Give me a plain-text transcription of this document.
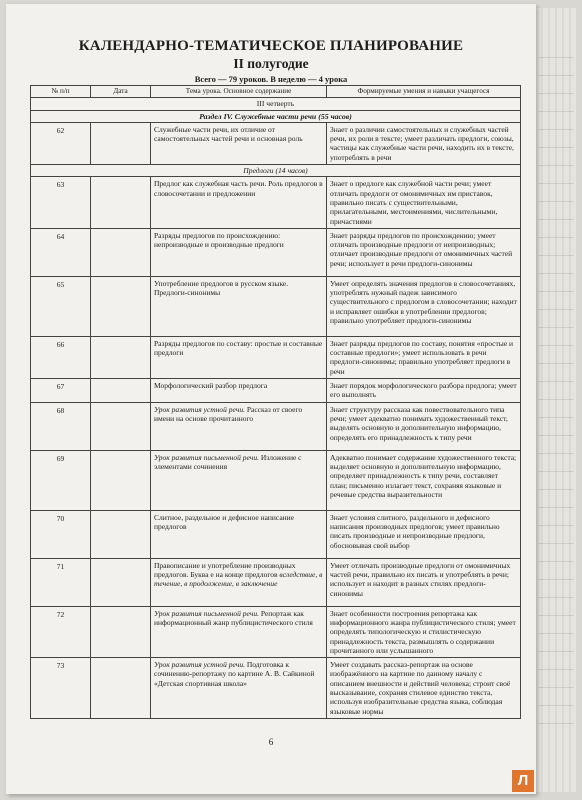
КАЛЕНДАРНО-ТЕМАТИЧЕСКОЕ ПЛАНИРОВАНИЕ
II полугодие
Всего — 79 уроков. В неделю — 4 урока
№ п/п	Дата	Тема урока. Основное содержание	Формируемые умения и навыки учащегося
III четверть			
Раздел IV. Служебные части речи (55 часов)			
62		Служебные части речи, их отличие от самостоятельных частей речи и основная роль	Знает о различии самостоятельных и служебных частей речи, их роли в тексте; умеет различать предлоги, союзы, частицы как служебные части речи, находить их в тексте, употреблять в речи
Предлоги (14 часов)			
63		Предлог как служебная часть речи. Роль предлогов в словосочетании и предложении	Знает о предлоге как служебной части речи; умеет отличать предлоги от омонимичных им приставок, правильно писать с существительными, прилагательными, местоимениями, числительными, причастиями
64		Разряды предлогов по происхождению: непроизводные и производные предлоги	Знает разряды предлогов по происхождению; умеет отличать производные предлоги от непроизводных; отличает производные предлоги от омонимичных частей речи; использует в речи предлоги-синонимы
65		Употребление предлогов в русском языке. Предлоги-синонимы	Умеет определять значения предлогов в словосочетаниях, употреблять нужный падеж зависимого существительного с предлогом в словосочетании; находит и исправляет ошибки в употреблении предлогов; правильно употребляет предлоги-синонимы
66		Разряды предлогов по составу: простые и составные предлоги	Знает разряды предлогов по составу, понятия «простые и составные предлоги»; умеет использовать в речи предлоги-синонимы; правильно употребляет предлоги в речи
67		Морфологический разбор предлога	Знает порядок морфологического разбора предлога; умеет его выполнять
68		Урок развития устной речи. Рассказ от своего имени на основе прочитанного	Знает структуру рассказа как повествовательного типа речи; умеет адекватно понимать художественный текст, выделять основную и дополнительную информацию, определять его принадлежность к типу речи
69		Урок развития письменной речи. Изложение с элементами сочинения	Адекватно понимает содержание художественного текста; выделяет основную и дополнительную информацию, определяет принадлежность к типу речи, составляет план; письменно излагает текст, сохраняя языковые и речевые средства выразительности
70		Слитное, раздельное и дефисное написание предлогов	Знает условия слитного, раздельного и дефисного написания производных предлогов; умеет правильно писать производные и непроизводные предлоги, обосновывая свой выбор
71		Правописание и употребление производных предлогов. Буква е на конце предлогов вследствие, в течение, в продолжение, в заключение	Умеет отличать производные предлоги от омонимичных частей речи, правильно их писать и употреблять в речи; использует и находит в разных стилях предлоги-синонимы
72		Урок развития письменной речи. Репортаж как информационный жанр публицистического стиля	Знает особенности построения репортажа как информационного жанра публицистического стиля; умеет определять типологическую и стилистическую принадлежность текста, размышлять о содержании прочитанного или услышанного
73		Урок развития устной речи. Подготовка к сочинению-репортажу по картине А. В. Сайкиной «Детская спортивная школа»	Умеет создавать рассказ-репортаж на основе изображённого на картине по данному началу с описанием внешности и действий человека; строит своё высказывание, сохраняя стилевое единство текста, используя изобразительные средства языка, соблюдая языковые нормы
6
Л
